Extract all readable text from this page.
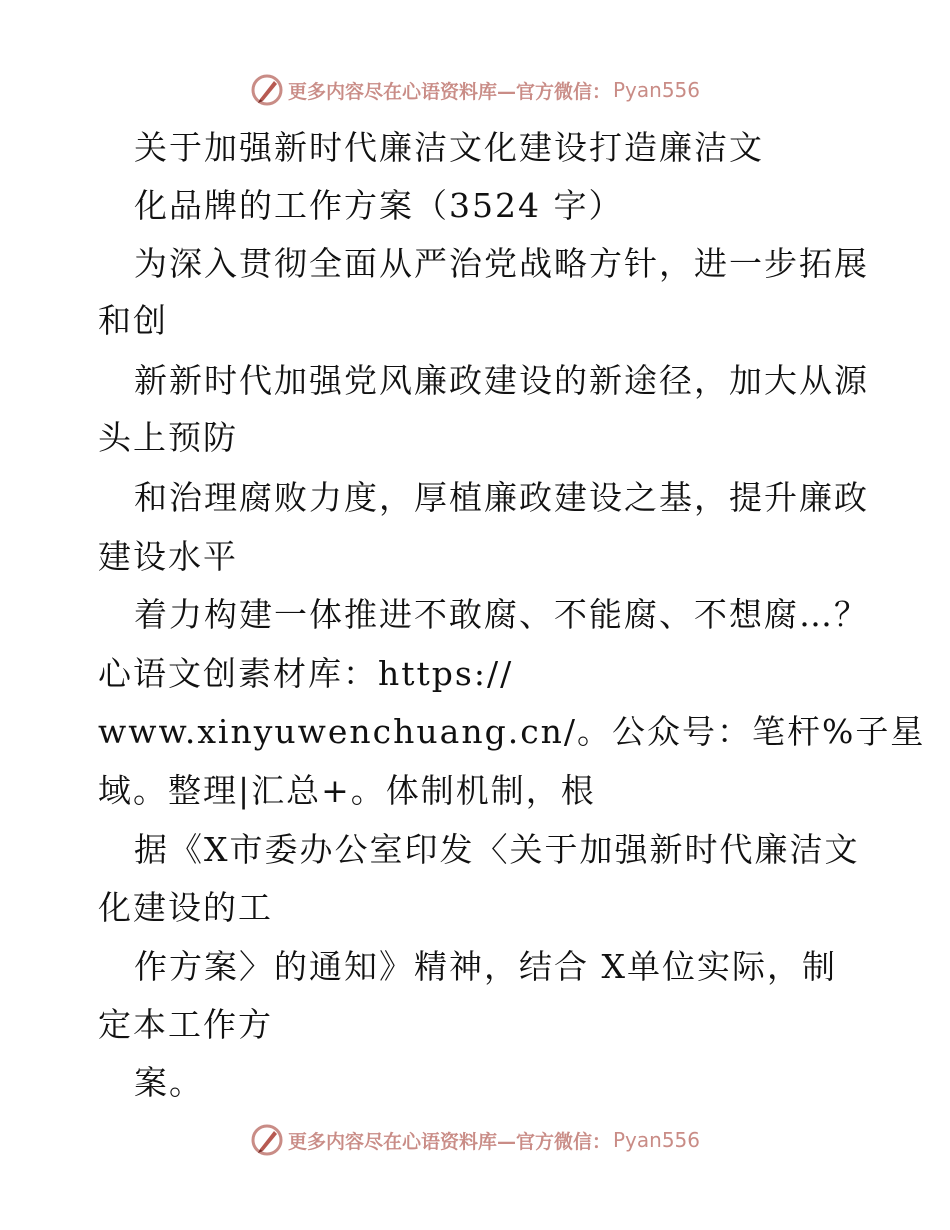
更多内容尽在心语资料库—官方微信： Pyan556
关于加强新时代廉洁文化建设打造廉洁文
化品牌的工作方案（3524 字）
为深入贯彻全面从严治党战略方针，进一步拓展
和创
新新时代加强党风廉政建设的新途径，加大从源
头上预防
和治理腐败力度，厚植廉政建设之基，提升廉政
建设水平
着力构建一体推进不敢腐、不能腐、不想腐…？
心语文创素材库：https://
www.xinyuwenchuang.cn/。公众号：笔杆%子星
域。整理|汇总+。体制机制，根
据《X市委办公室印发〈关于加强新时代廉洁文
化建设的工
作方案〉的通知》精神，结合 X单位实际，制
定本工作方
案。
更多内容尽在心语资料库—官方微信： Pyan556
